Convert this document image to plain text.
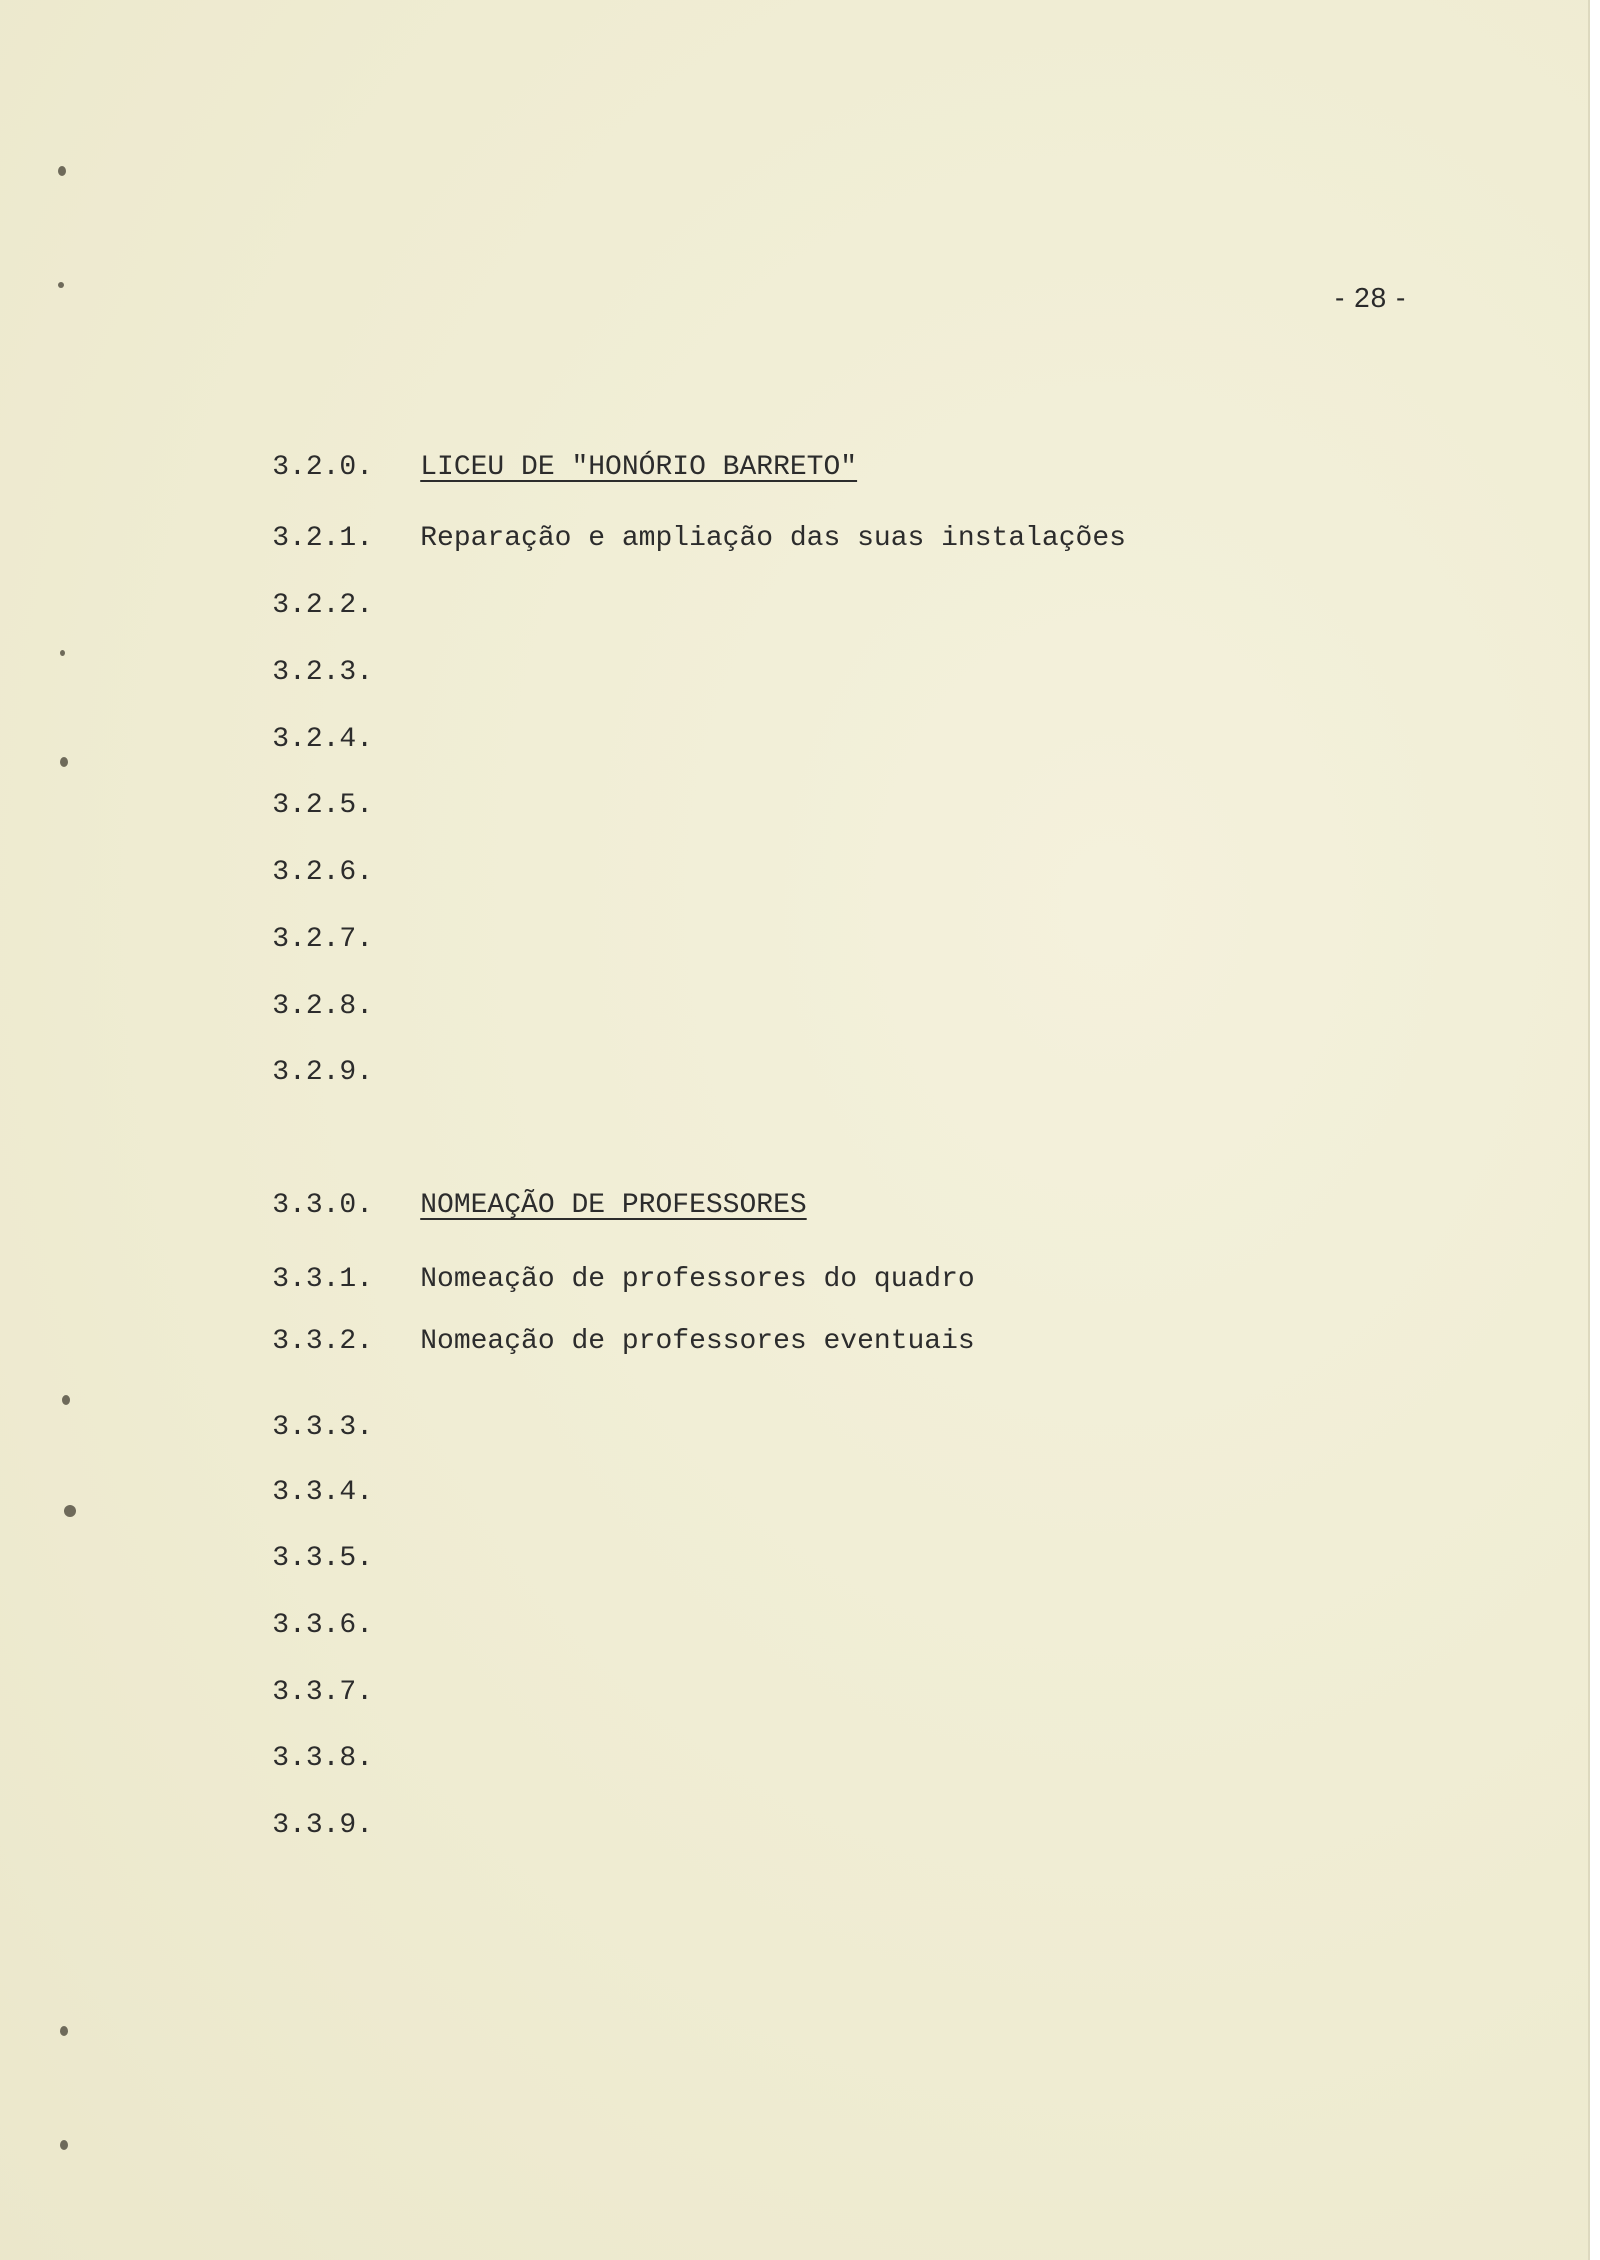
- 28 -

3.2.0. LICEU DE "HONÓRIO BARRETO"

3.2.1. Reparação e ampliação das suas instalações

3.2.2.

3.2.3.

3.2.4.

3.2.5.

3.2.6.

3.2.7.

3.2.8.

3.2.9.

3.3.0. NOMEAÇÃO DE PROFESSORES

3.3.1. Nomeação de professores do quadro

3.3.2. Nomeação de professores eventuais

3.3.3.

3.3.4.

3.3.5.

3.3.6.

3.3.7.

3.3.8.

3.3.9.
